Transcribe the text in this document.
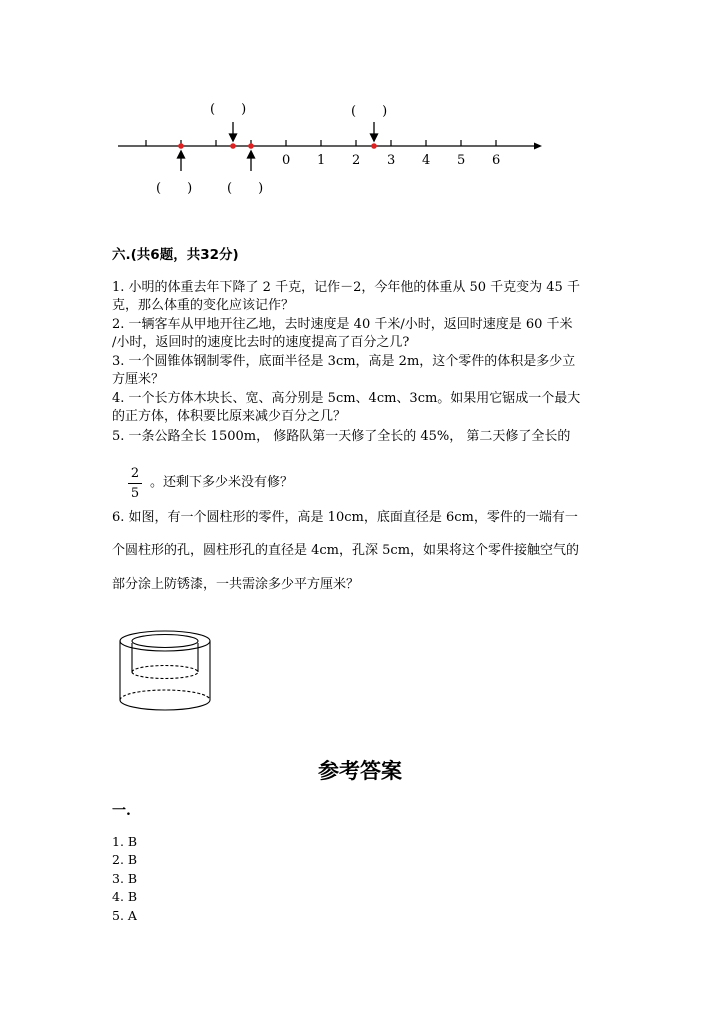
0 1 2 3 4 5 6
(　　)	(　　)
(　　)	(　　)
六.(共6题，共32分)
1. 小明的体重去年下降了 2 千克，记作－2，今年他的体重从 50 千克变为 45 千
克，那么体重的变化应该记作？
2. 一辆客车从甲地开往乙地，去时速度是 40 千米/小时，返回时速度是 60 千米
/小时，返回时的速度比去时的速度提高了百分之几?
3. 一个圆锥体钢制零件，底面半径是 3cm，高是 2m，这个零件的体积是多少立
方厘米？
4. 一个长方体木块长、宽、高分别是 5cm、4cm、3cm。如果用它锯成一个最大
的正方体，体积要比原来减少百分之几？
5. 一条公路全长 1500m， 修路队第一天修了全长的 45%， 第二天修了全长的
2
5
。还剩下多少米没有修？
6. 如图，有一个圆柱形的零件，高是 10cm，底面直径是 6cm，零件的一端有一
个圆柱形的孔，圆柱形孔的直径是 4cm，孔深 5cm，如果将这个零件接触空气的
部分涂上防锈漆，一共需涂多少平方厘米？
参考答案
一.
1. B
2. B
3. B
4. B
5. A
